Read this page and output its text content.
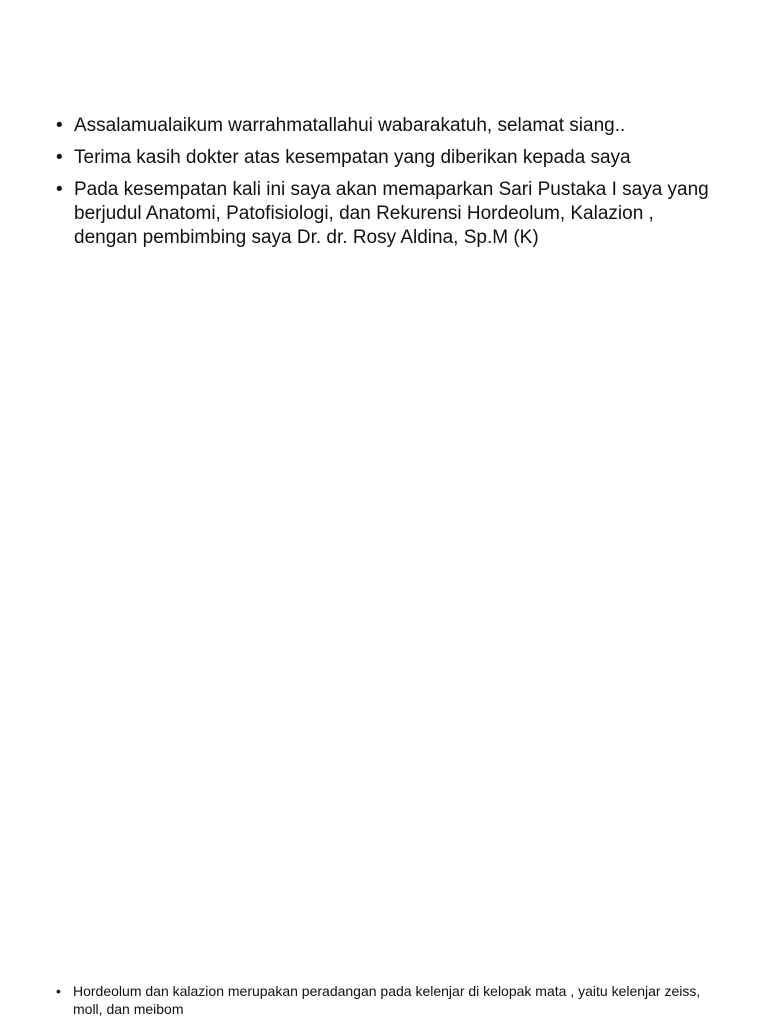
• Assalamualaikum warrahmatallahui wabarakatuh, selamat siang..
• Terima kasih dokter atas kesempatan yang diberikan kepada saya
• Pada kesempatan kali ini saya akan memaparkan Sari Pustaka I saya yang berjudul Anatomi, Patofisiologi, dan Rekurensi Hordeolum, Kalazion , dengan pembimbing saya Dr. dr. Rosy Aldina, Sp.M (K)
• Hordeolum dan kalazion merupakan peradangan pada kelenjar di kelopak mata , yaitu kelenjar zeiss, moll, dan meibom
